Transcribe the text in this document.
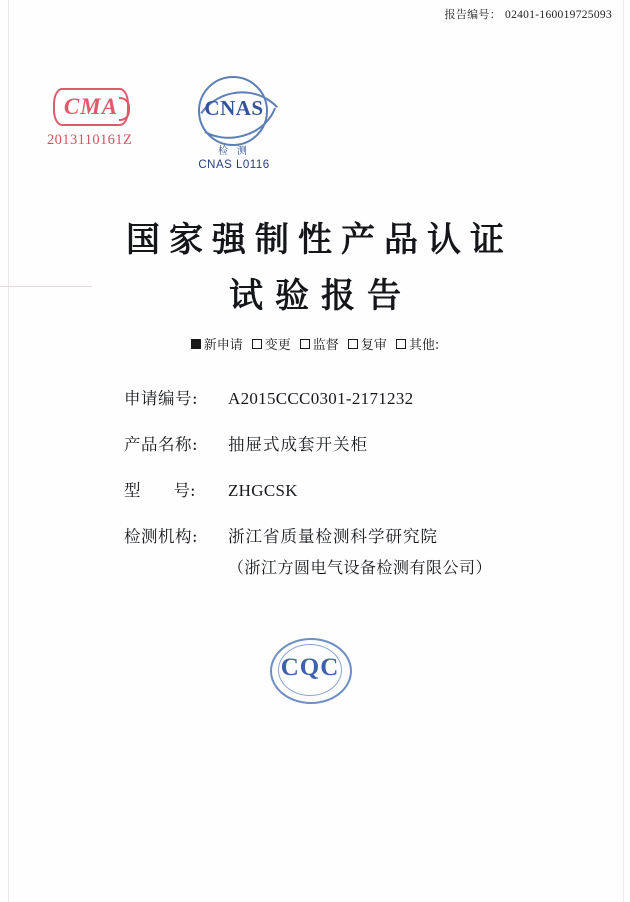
报告编号： 02401-160019725093
CMA
2013110161Z
CNAS
检 测
CNAS L0116
国家强制性产品认证
试验报告
新申请 变更 监督 复审 其他:
申请编号:	A2015CCC0301-2171232
产品名称:	抽屉式成套开关柜
型　　号:	ZHGCSK
检测机构:	浙江省质量检测科学研究院
（浙江方圆电气设备检测有限公司）
CQC
